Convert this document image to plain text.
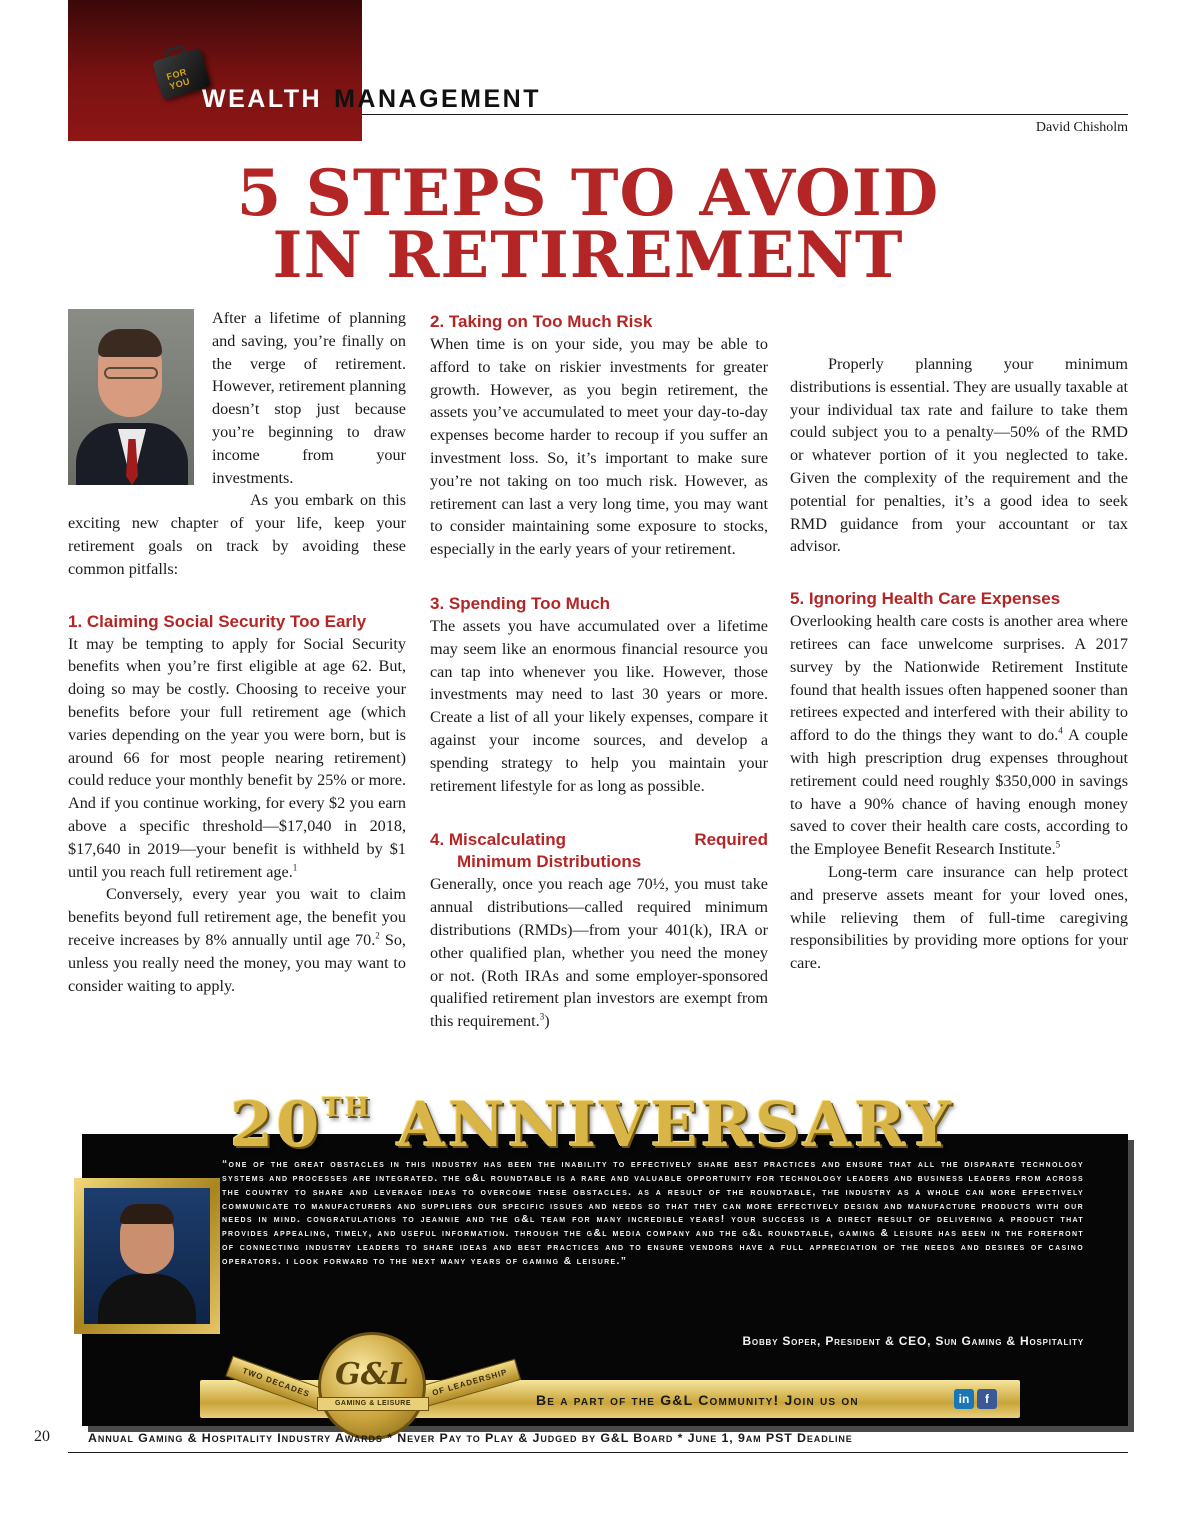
FOR YOU
WEALTH MANAGEMENT
David Chisholm
5 STEPS TO AVOID
IN RETIREMENT

After a lifetime of planning and saving, you’re finally on the verge of retirement. However, retirement planning doesn’t stop just because you’re beginning to draw income from your investments.

As you embark on this exciting new chapter of your life, keep your retirement goals on track by avoiding these common pitfalls:

1. Claiming Social Security Too Early

It may be tempting to apply for Social Security benefits when you’re first eligible at age 62. But, doing so may be costly. Choosing to receive your benefits before your full retirement age (which varies depending on the year you were born, but is around 66 for most people nearing retirement) could reduce your monthly benefit by 25% or more. And if you continue working, for every $2 you earn above a specific threshold—$17,040 in 2018, $17,640 in 2019—your benefit is withheld by $1 until you reach full retirement age.$^1$

Conversely, every year you wait to claim benefits beyond full retirement age, the benefit you receive increases by 8% annually until age 70.$^2$ So, unless you really need the money, you may want to consider waiting to apply.

2. Taking on Too Much Risk

When time is on your side, you may be able to afford to take on riskier investments for greater growth. However, as you begin retirement, the assets you’ve accumulated to meet your day-to-day expenses become harder to recoup if you suffer an investment loss. So, it’s important to make sure you’re not taking on too much risk. However, as retirement can last a very long time, you may want to consider maintaining some exposure to stocks, especially in the early years of your retirement.

3. Spending Too Much

The assets you have accumulated over a lifetime may seem like an enormous financial resource you can tap into whenever you like. However, those investments may need to last 30 years or more. Create a list of all your likely expenses, compare it against your income sources, and develop a spending strategy to help you maintain your retirement lifestyle for as long as possible.

4. Miscalculating	Required
Minimum Distributions

Generally, once you reach age 70½, you must take annual distributions—called required minimum distributions (RMDs)—from your 401(k), IRA or other qualified plan, whether you need the money or not. (Roth IRAs and some employer-sponsored qualified retirement plan investors are exempt from this requirement.$^3$)

Properly planning your minimum distributions is essential. They are usually taxable at your individual tax rate and failure to take them could subject you to a penalty—50% of the RMD or whatever portion of it you neglected to take. Given the complexity of the requirement and the potential for penalties, it’s a good idea to seek RMD guidance from your accountant or tax advisor.

5. Ignoring Health Care Expenses

Overlooking health care costs is another area where retirees can face unwelcome surprises. A 2017 survey by the Nationwide Retirement Institute found that health issues often happened sooner than retirees expected and interfered with their ability to afford to do the things they want to do.$^4$ A couple with high prescription drug expenses throughout retirement could need roughly $350,000 in savings to have a 90% chance of having enough money saved to cover their health care costs, according to the Employee Benefit Research Institute.$^5$

Long-term care insurance can help protect and preserve assets meant for your loved ones, while relieving them of full-time caregiving responsibilities by providing more options for your care.

20TH ANNIVERSARY
“one of the great obstacles in this industry has been the inability to effectively share best practices and ensure that all the disparate technology systems and processes are integrated. the g&l roundtable is a rare and valuable opportunity for technology leaders and business leaders from across the country to share and leverage ideas to overcome these obstacles. as a result of the roundtable, the industry as a whole can more effectively communicate to manufacturers and suppliers our specific issues and needs so that they can more effectively design and manufacture products with our needs in mind. congratulations to jeannie and the g&l team for many incredible years! your success is a direct result of delivering a product that provides appealing, timely, and useful information. through the g&l media company and the g&l roundtable, gaming & leisure has been in the forefront of connecting industry leaders to share ideas and best practices and to ensure vendors have a full appreciation of the needs and desires of casino operators. i look forward to the next many years of gaming & leisure.”
Bobby Soper, President & CEO, Sun Gaming & Hospitality
TWO DECADES	OF LEADERSHIP
G&L
GAMING & LEISURE	Be a part of the G&L Community! Join us on	in	f
20	Annual Gaming & Hospitality Industry Awards * Never Pay to Play & Judged by G&L Board * June 1, 9am PST Deadline
